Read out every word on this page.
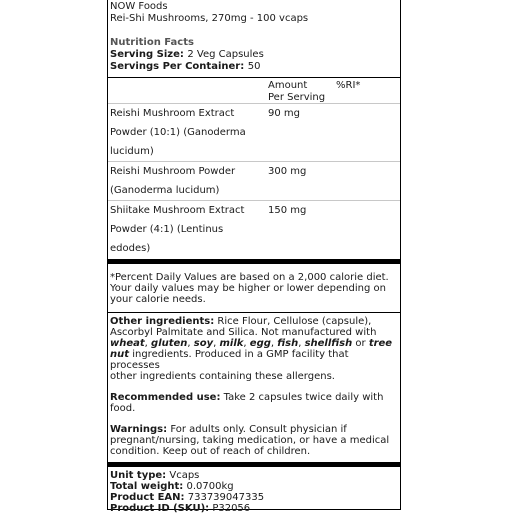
NOW Foods
Rei-Shi Mushrooms, 270mg - 100 vcaps
Nutrition Facts
Serving Size: 2 Veg Capsules
Servings Per Container: 50
Amount
Per Serving
%RI*
Reishi Mushroom Extract
Powder (10:1) (Ganoderma
lucidum)
90 mg
Reishi Mushroom Powder
(Ganoderma lucidum)
300 mg
Shiitake Mushroom Extract
Powder (4:1) (Lentinus
edodes)
150 mg
*Percent Daily Values are based on a 2,000 calorie diet.
Your daily values may be higher or lower depending on
your calorie needs.
Other ingredients: Rice Flour, Cellulose (capsule),
Ascorbyl Palmitate and Silica. Not manufactured with
wheat, gluten, soy, milk, egg, fish, shellfish or tree nut ingredients. Produced in a GMP facility that processes
other ingredients containing these allergens.
Recommended use: Take 2 capsules twice daily with
food.
Warnings: For adults only. Consult physician if
pregnant/nursing, taking medication, or have a medical
condition. Keep out of reach of children.
Unit type: Vcaps
Total weight: 0.0700kg
Product EAN: 733739047335
Product ID (SKU): P32056
